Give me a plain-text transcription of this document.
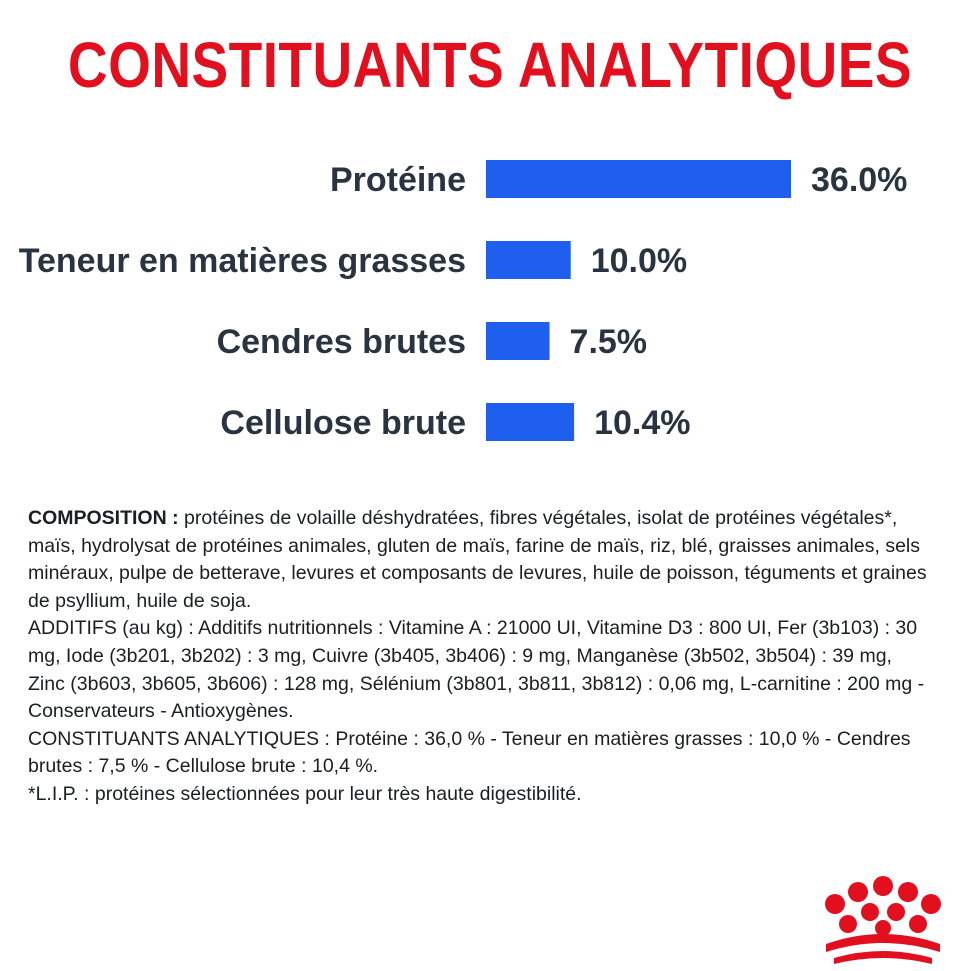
CONSTITUANTS ANALYTIQUES
Protéine	36.0%
Teneur en matières grasses	10.0%
Cendres brutes	7.5%
Cellulose brute	10.4%

COMPOSITION : protéines de volaille déshydratées, fibres végétales, isolat de protéines végétales*, maïs, hydrolysat de protéines animales, gluten de maïs, farine de maïs, riz, blé, graisses animales, sels minéraux, pulpe de betterave, levures et composants de levures, huile de poisson, téguments et graines de psyllium, huile de soja.

ADDITIFS (au kg) : Additifs nutritionnels : Vitamine A : 21000 UI, Vitamine D3 : 800 UI, Fer (3b103) : 30 mg, Iode (3b201, 3b202) : 3 mg, Cuivre (3b405, 3b406) : 9 mg, Manganèse (3b502, 3b504) : 39 mg, Zinc (3b603, 3b605, 3b606) : 128 mg, Sélénium (3b801, 3b811, 3b812) : 0,06 mg, L-carnitine : 200 mg - Conservateurs - Antioxygènes.

CONSTITUANTS ANALYTIQUES : Protéine : 36,0 % - Teneur en matières grasses : 10,0 % - Cendres brutes : 7,5 % - Cellulose brute : 10,4 %.

*L.I.P. : protéines sélectionnées pour leur très haute digestibilité.
